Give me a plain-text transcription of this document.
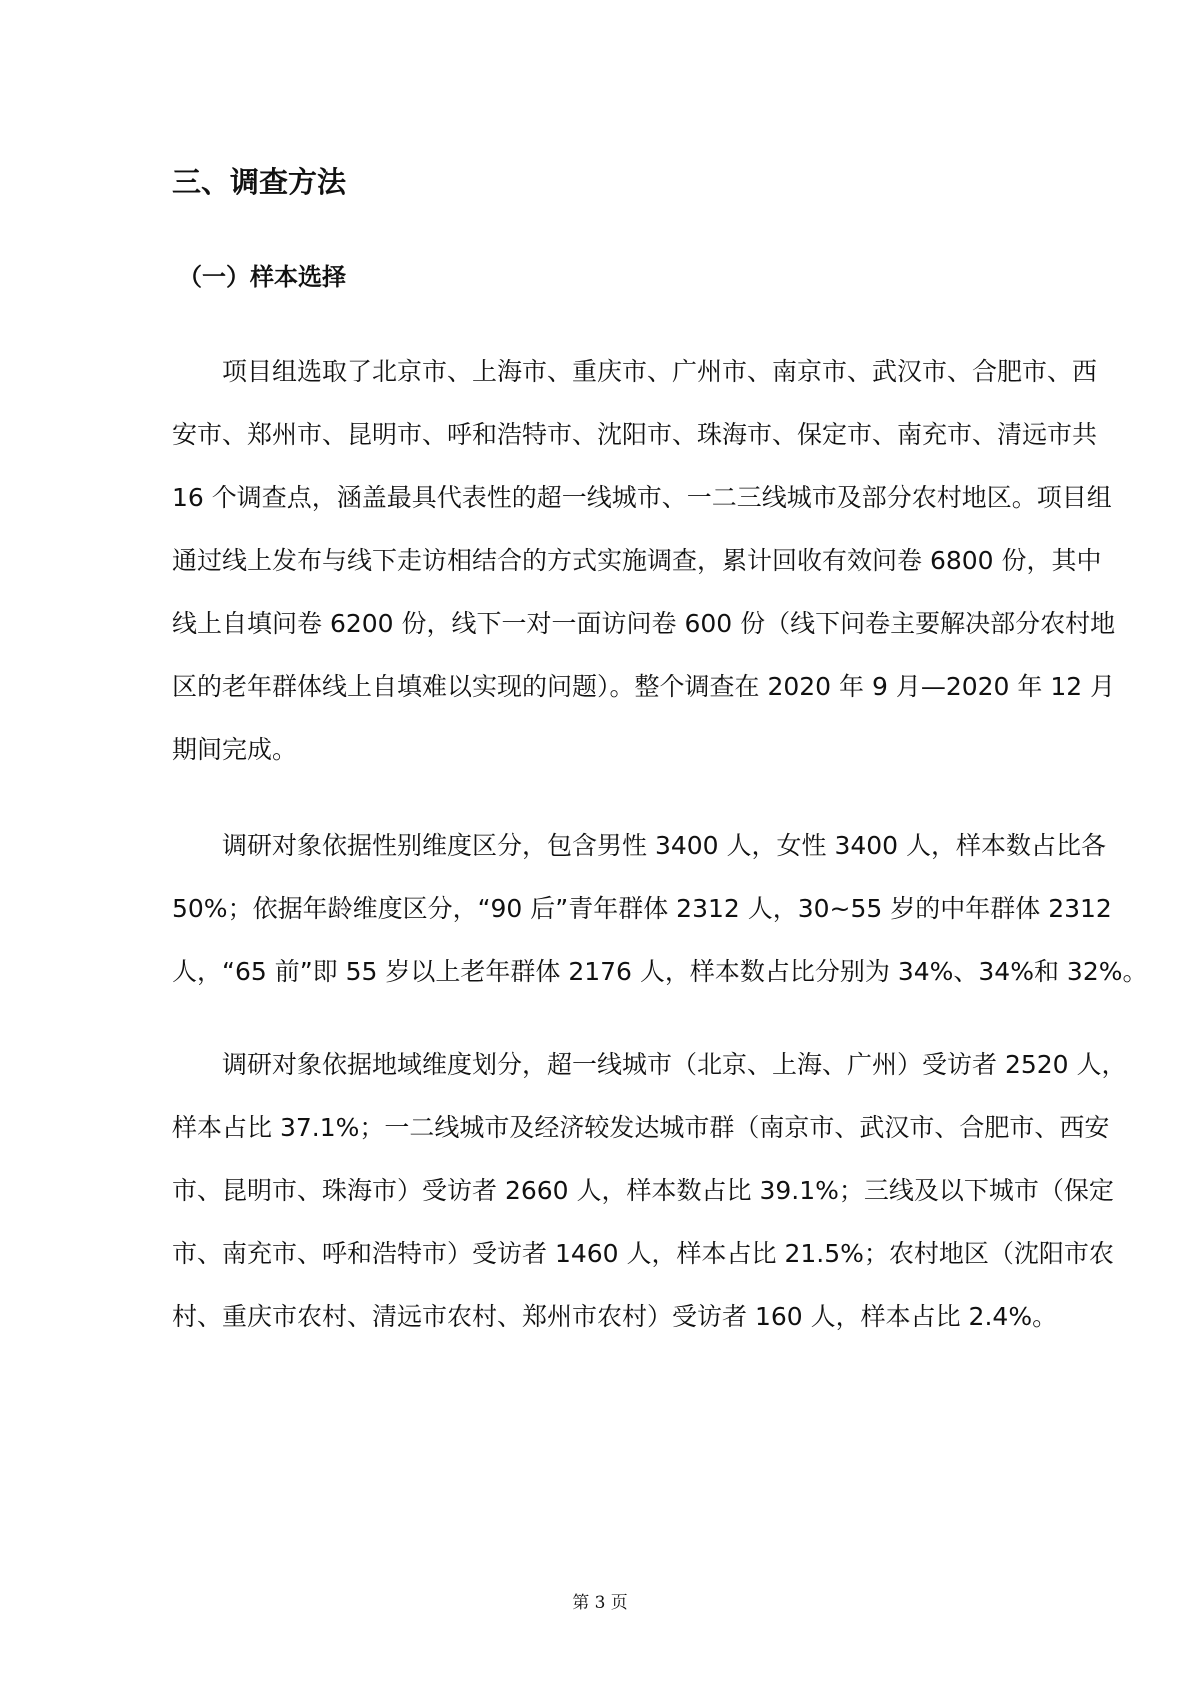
三、调查方法
（一）样本选择
项目组选取了北京市、上海市、重庆市、广州市、南京市、武汉市、合肥市、西
安市、郑州市、昆明市、呼和浩特市、沈阳市、珠海市、保定市、南充市、清远市共
16 个调查点，涵盖最具代表性的超一线城市、一二三线城市及部分农村地区。项目组
通过线上发布与线下走访相结合的方式实施调查，累计回收有效问卷 6800 份，其中
线上自填问卷 6200 份，线下一对一面访问卷 600 份（线下问卷主要解决部分农村地
区的老年群体线上自填难以实现的问题）。整个调查在 2020 年 9 月—2020 年 12 月
期间完成。
调研对象依据性别维度区分，包含男性 3400 人，女性 3400 人，样本数占比各
50%；依据年龄维度区分，“90 后”青年群体 2312 人，30~55 岁的中年群体 2312
人，“65 前”即 55 岁以上老年群体 2176 人，样本数占比分别为 34%、34%和 32%。
调研对象依据地域维度划分，超一线城市（北京、上海、广州）受访者 2520 人，
样本占比 37.1%；一二线城市及经济较发达城市群（南京市、武汉市、合肥市、西安
市、昆明市、珠海市）受访者 2660 人，样本数占比 39.1%；三线及以下城市（保定
市、南充市、呼和浩特市）受访者 1460 人，样本占比 21.5%；农村地区（沈阳市农
村、重庆市农村、清远市农村、郑州市农村）受访者 160 人，样本占比 2.4%。
第 3 页
